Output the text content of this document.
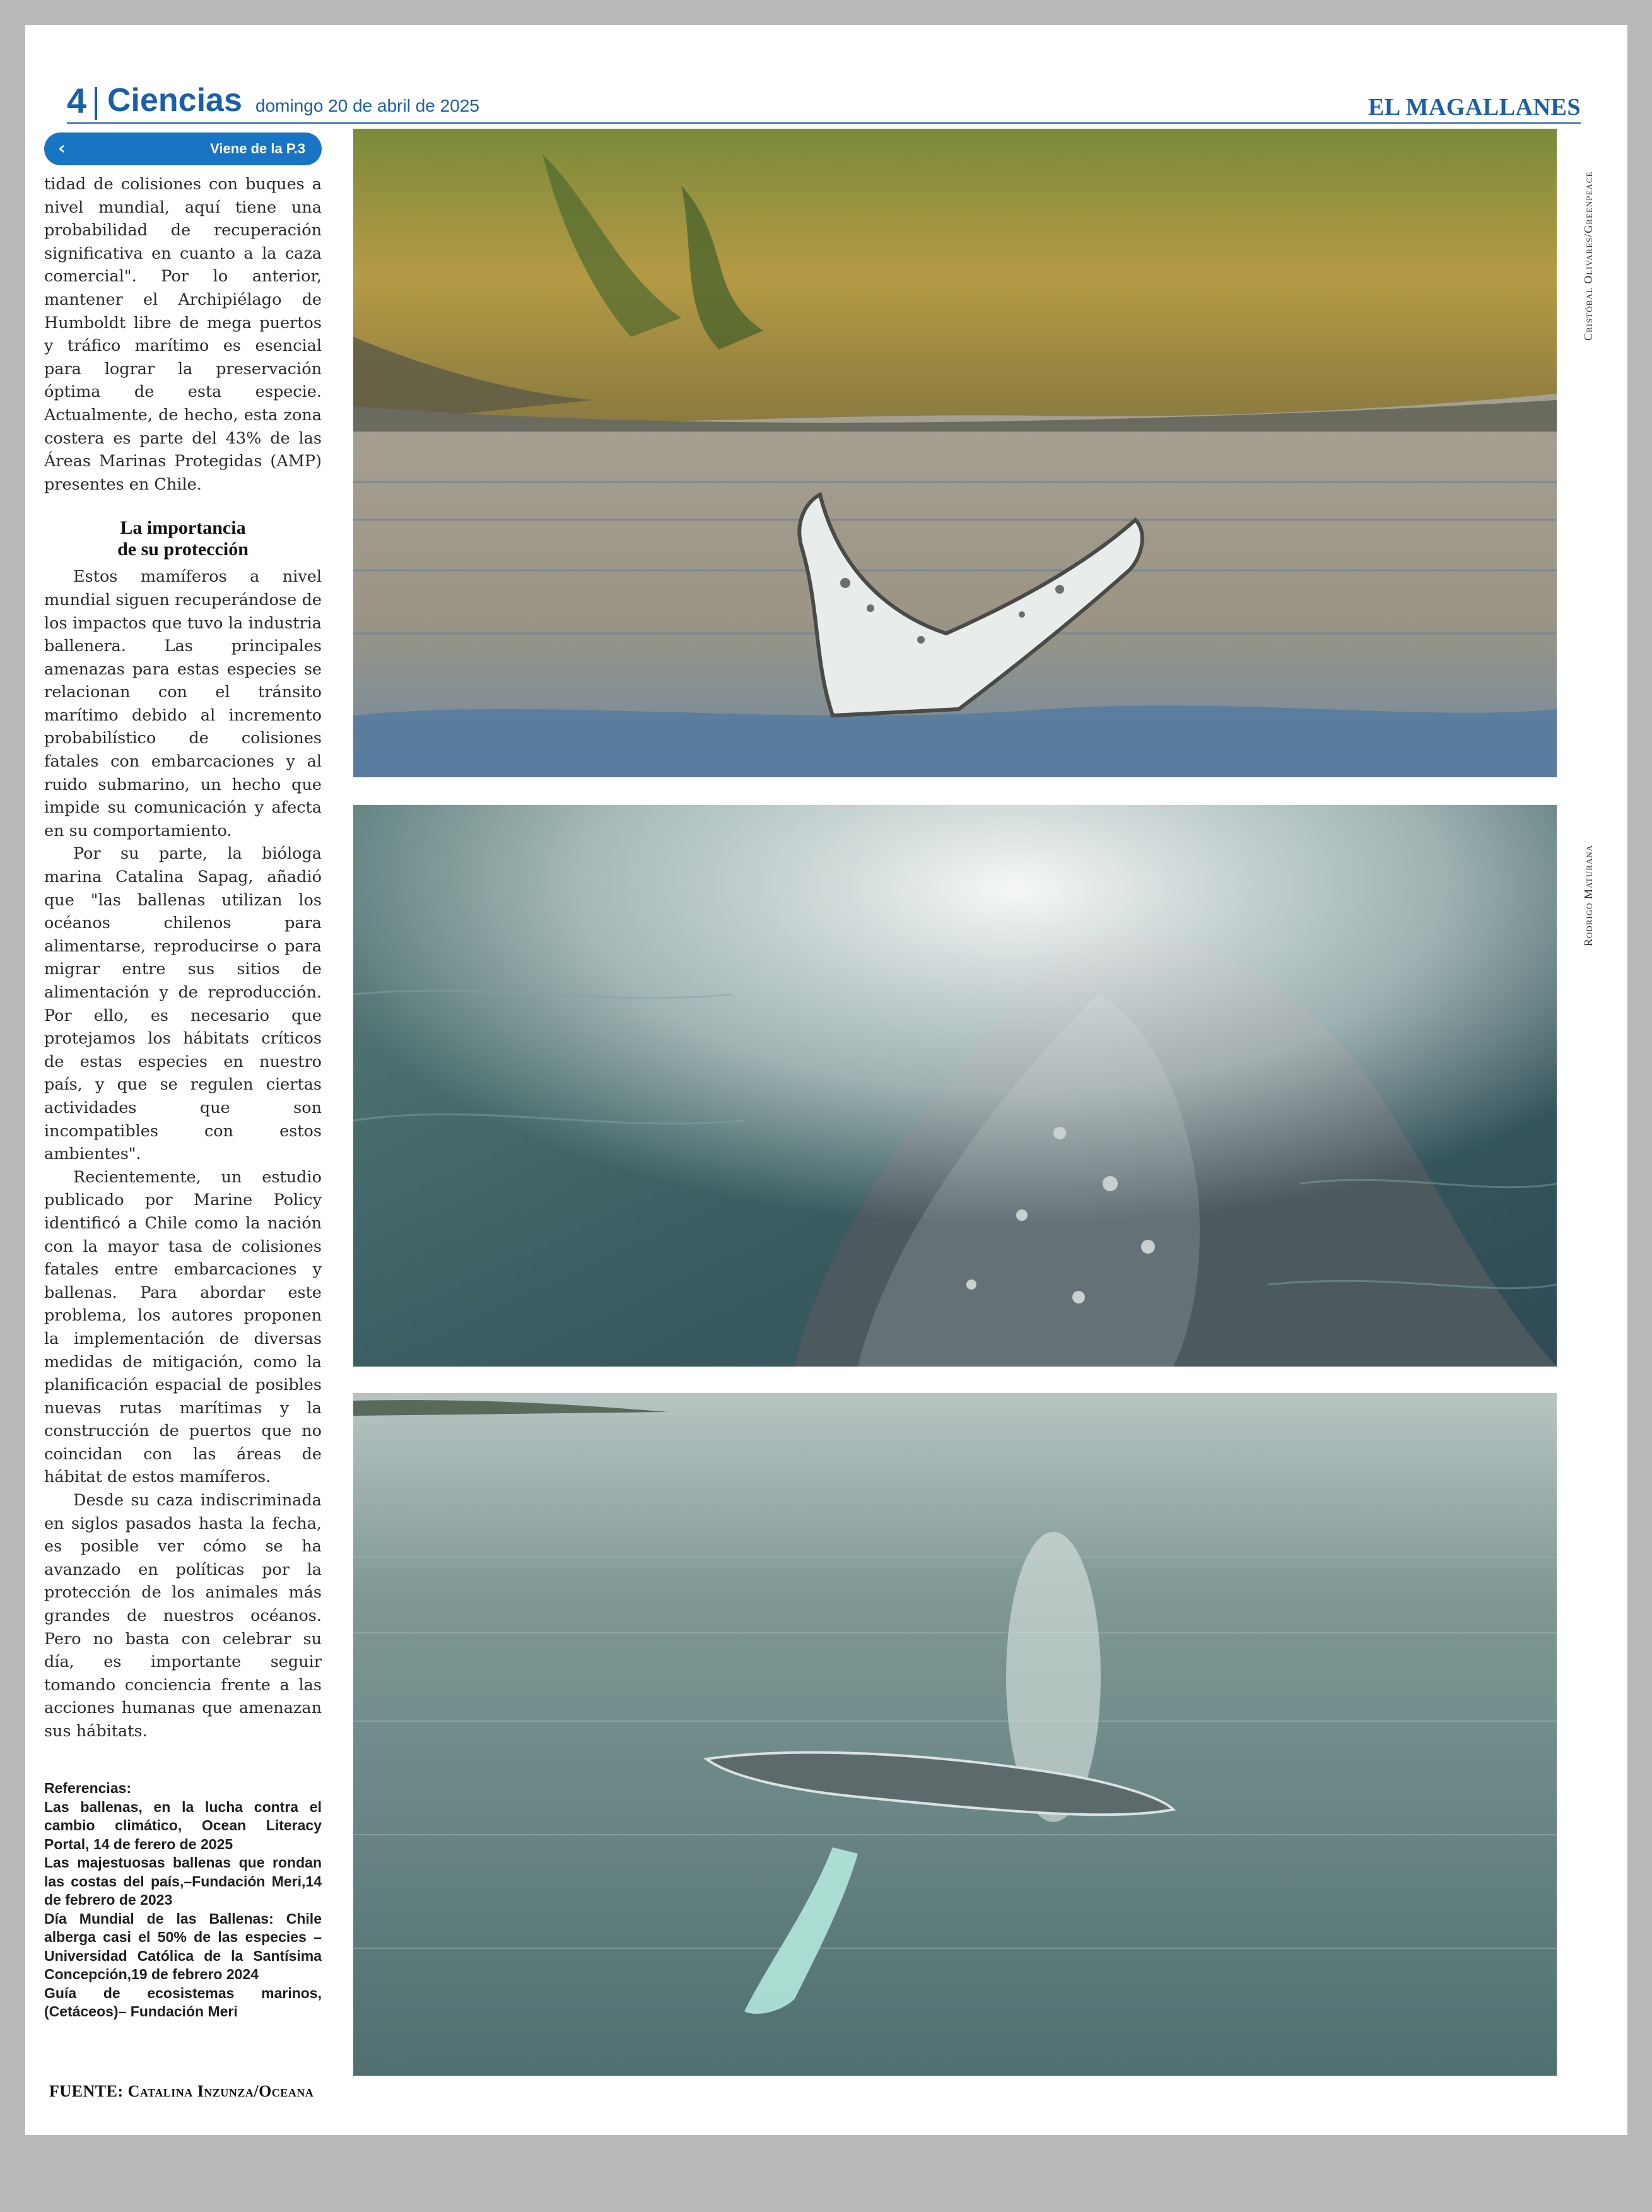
4 Ciencias domingo 20 de abril de 2025	EL MAGALLANES
‹	Viene de la P.3

tidad de colisiones con buques a nivel mundial, aquí tiene una probabilidad de recuperación significativa en cuanto a la caza comercial". Por lo anterior, mantener el Archipiélago de Humboldt libre de mega puertos y tráfico marítimo es esencial para lograr la preservación óptima de esta especie. Actualmente, de hecho, esta zona costera es parte del 43% de las Áreas Marinas Protegidas (AMP) presentes en Chile.

La importancia
de su protección

Estos mamíferos a nivel mundial siguen recuperándose de los impactos que tuvo la industria ballenera. Las principales amenazas para estas especies se relacionan con el tránsito marítimo debido al incremento probabilístico de colisiones fatales con embarcaciones y al ruido submarino, un hecho que impide su comunicación y afecta en su comportamiento.

Por su parte, la bióloga marina Catalina Sapag, añadió que "las ballenas utilizan los océanos chilenos para alimentarse, reproducirse o para migrar entre sus sitios de alimentación y de reproducción. Por ello, es necesario que protejamos los hábitats críticos de estas especies en nuestro país, y que se regulen ciertas actividades que son incompatibles con estos ambientes".

Recientemente, un estudio publicado por Marine Policy identificó a Chile como la nación con la mayor tasa de colisiones fatales entre embarcaciones y ballenas. Para abordar este problema, los autores proponen la implementación de diversas medidas de mitigación, como la planificación espacial de posibles nuevas rutas marítimas y la construcción de puertos que no coincidan con las áreas de hábitat de estos mamíferos.

Desde su caza indiscriminada en siglos pasados hasta la fecha, es posible ver cómo se ha avanzado en políticas por la protección de los animales más grandes de nuestros océanos. Pero no basta con celebrar su día, es importante seguir tomando conciencia frente a las acciones humanas que amenazan sus hábitats.

Referencias:

Las ballenas, en la lucha contra el cambio climático, Ocean Literacy Portal, 14 de ferero de 2025

Las majestuosas ballenas que rondan las costas del país,–Fundación Meri,14 de febrero de 2023

Día Mundial de las Ballenas: Chile alberga casi el 50% de las especies – Universidad Católica de la Santísima Concepción,19 de febrero 2024

Guía de ecosistemas marinos, (Cetáceos)– Fundación Meri

FUENTE: Catalina Inzunza/Oceana
Cristóbal Olivares/Greenpeace
Rodrigo Maturana
